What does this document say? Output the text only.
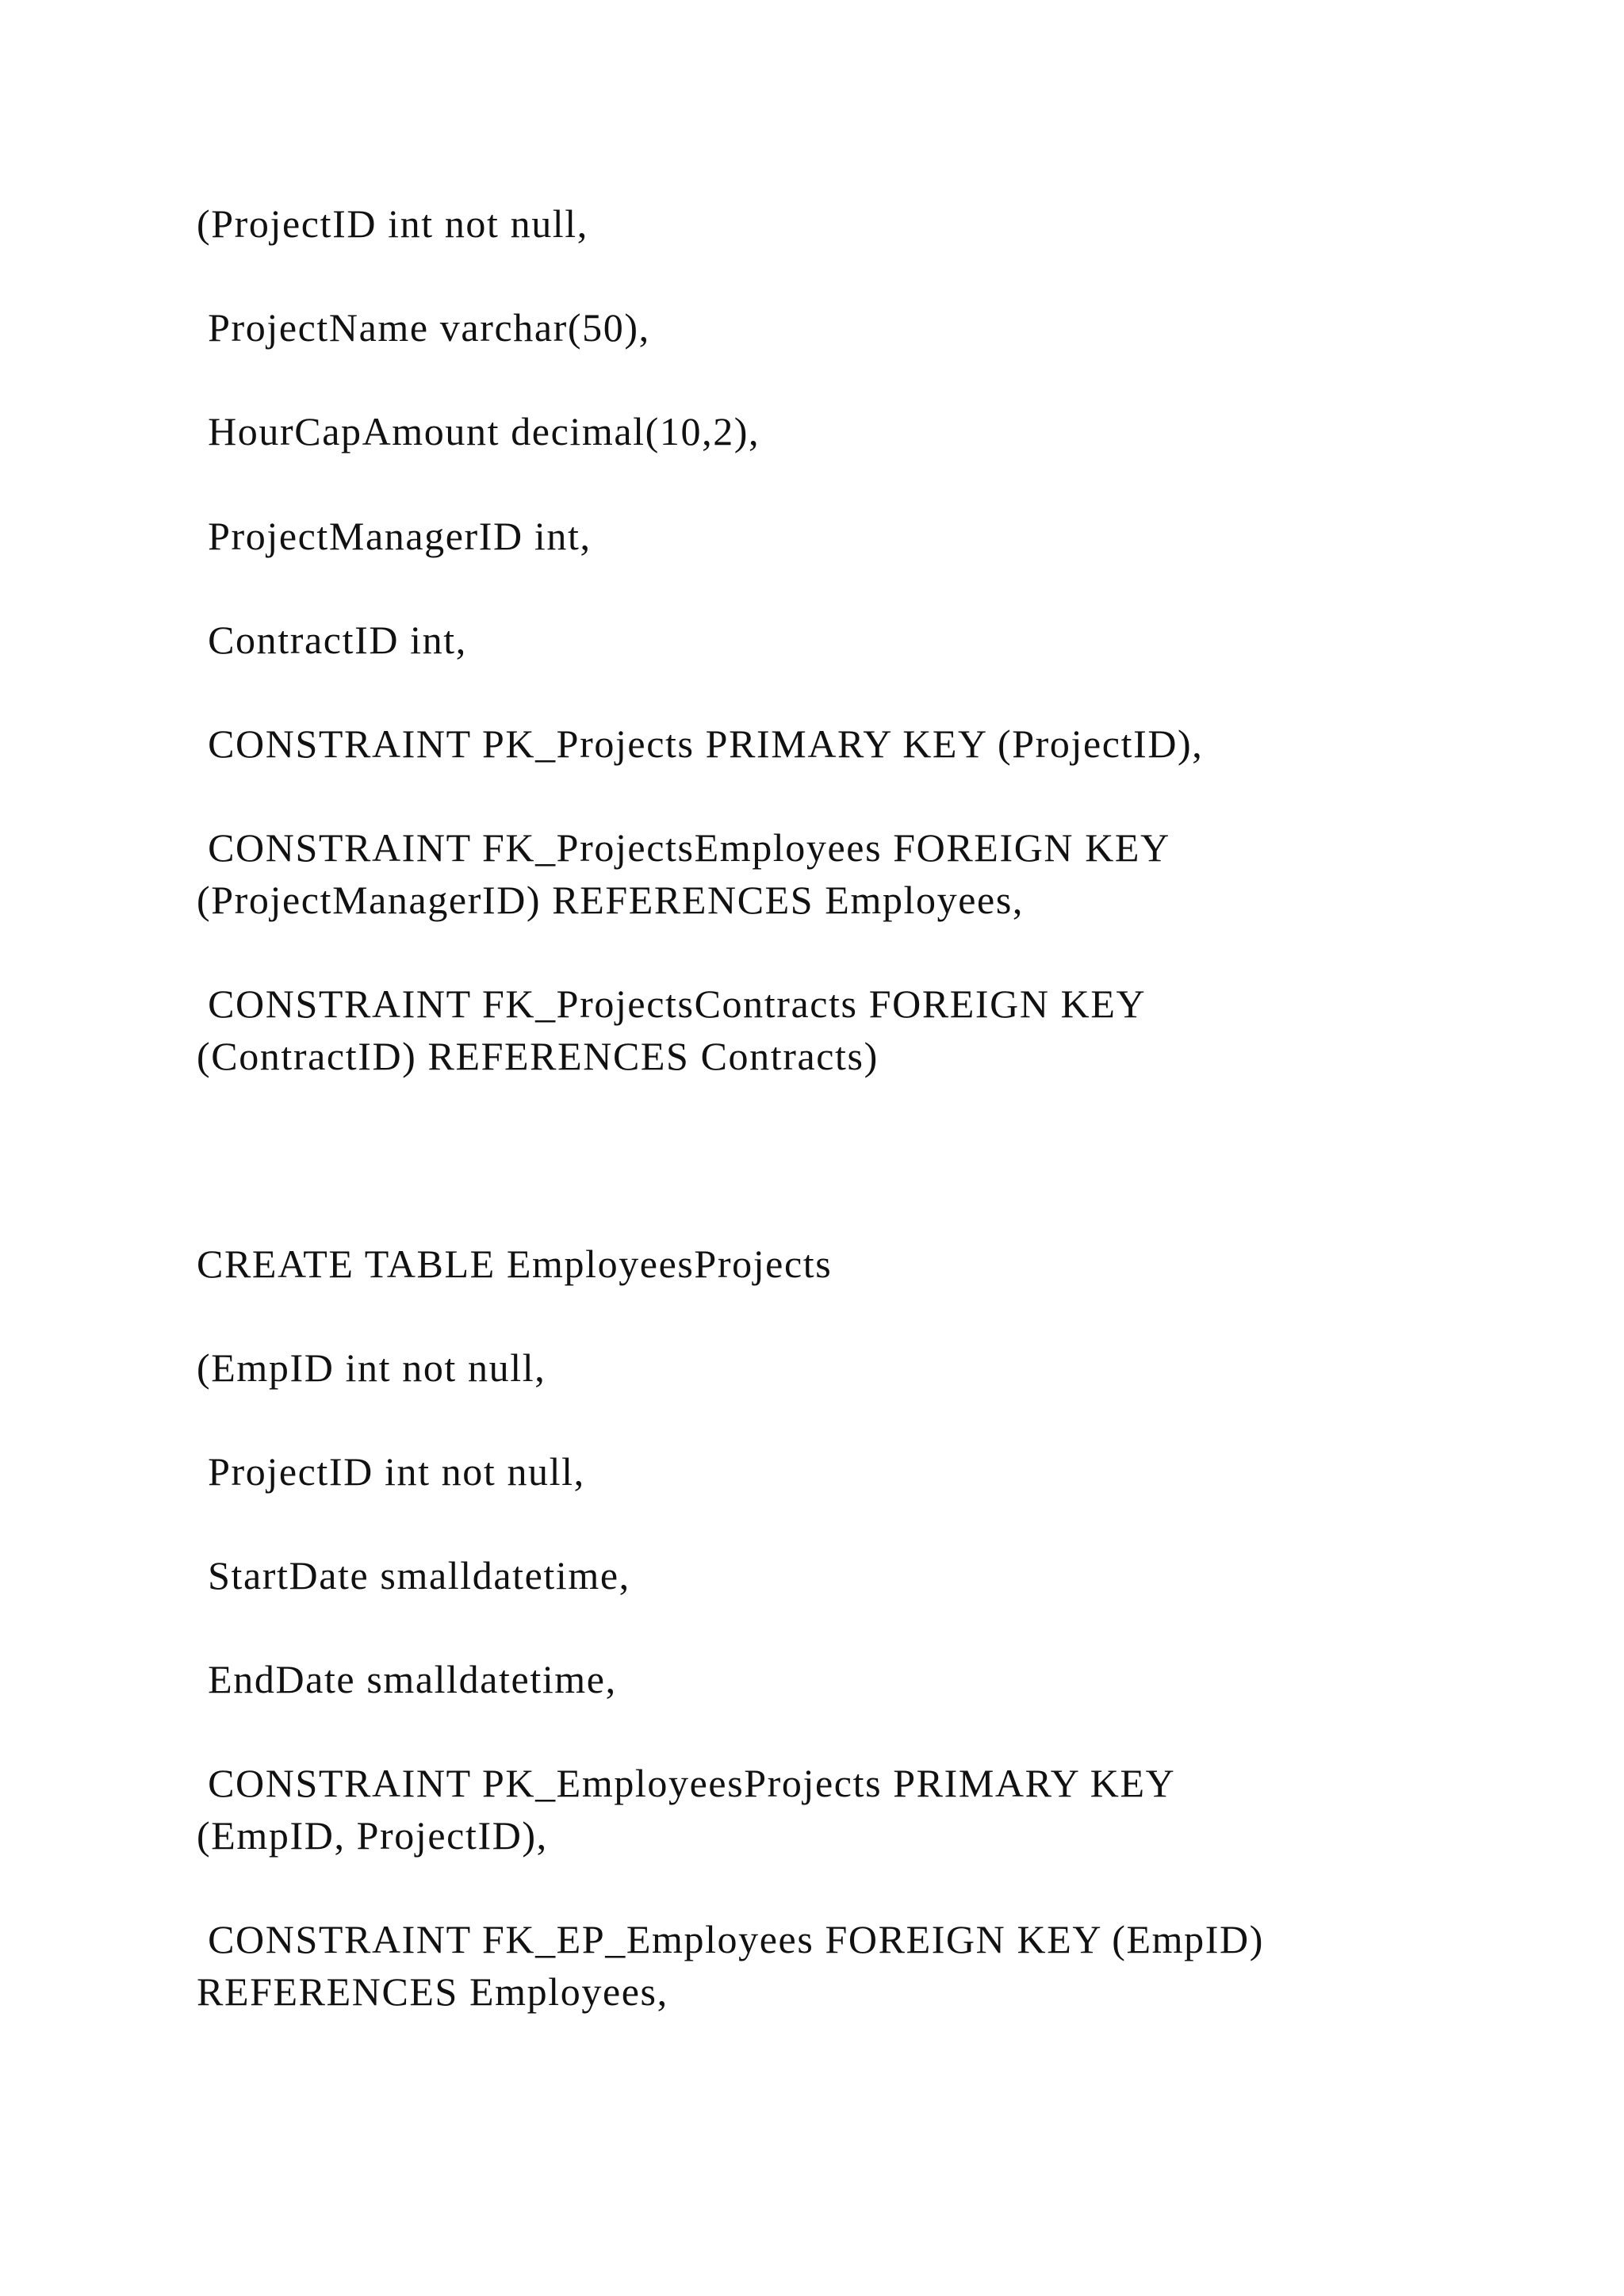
(ProjectID int not null,

ProjectName varchar(50),

HourCapAmount decimal(10,2),

ProjectManagerID int,

ContractID int,

CONSTRAINT PK_Projects PRIMARY KEY (ProjectID),

CONSTRAINT FK_ProjectsEmployees FOREIGN KEY

(ProjectManagerID) REFERENCES Employees,

CONSTRAINT FK_ProjectsContracts FOREIGN KEY

(ContractID) REFERENCES Contracts)

CREATE TABLE EmployeesProjects

(EmpID int not null,

ProjectID int not null,

StartDate smalldatetime,

EndDate smalldatetime,

CONSTRAINT PK_EmployeesProjects PRIMARY KEY

(EmpID, ProjectID),

CONSTRAINT FK_EP_Employees FOREIGN KEY (EmpID)

REFERENCES Employees,
